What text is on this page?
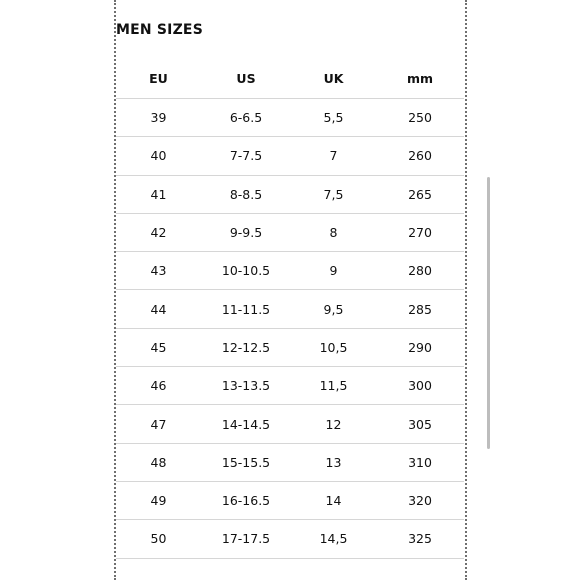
MEN SIZES
EU	US	UK	mm
39	6-6.5	5,5	250
40	7-7.5	7	260
41	8-8.5	7,5	265
42	9-9.5	8	270
43	10-10.5	9	280
44	11-11.5	9,5	285
45	12-12.5	10,5	290
46	13-13.5	11,5	300
47	14-14.5	12	305
48	15-15.5	13	310
49	16-16.5	14	320
50	17-17.5	14,5	325
